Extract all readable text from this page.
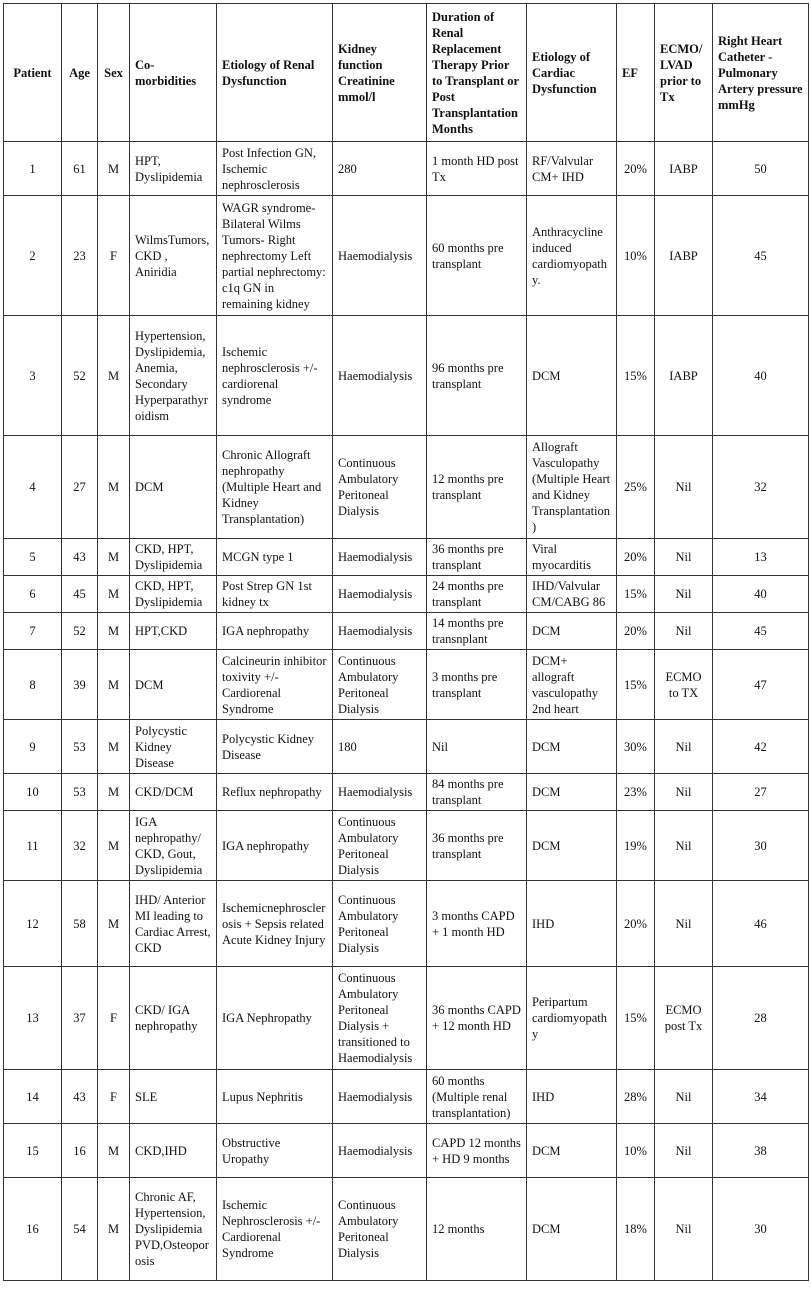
Patient	Age	Sex	Co-morbidities	Etiology of Renal Dysfunction	Kidney function Creatinine mmol/l	Duration of Renal Replacement Therapy Prior to Transplant or Post Transplantation Months	Etiology of Cardiac Dysfunction	EF	ECMO/ LVAD prior to Tx	Right Heart Catheter -Pulmonary Artery pressure mmHg
1	61	M	HPT, Dyslipidemia	Post Infection GN, Ischemic nephrosclerosis	280	1 month HD post Tx	RF/Valvular CM+ IHD	20%	IABP	50
2	23	F	WilmsTumors, CKD , Aniridia	WAGR syndrome- Bilateral Wilms Tumors- Right nephrectomy Left partial nephrectomy: c1q GN in remaining kidney	Haemodialysis	60 months pre transplant	Anthracycline induced cardiomyopathy.	10%	IABP	45
3	52	M	Hypertension, Dyslipidemia, Anemia, Secondary Hyperparathyroidism	Ischemic nephrosclerosis +/-cardiorenal syndrome	Haemodialysis	96 months pre transplant	DCM	15%	IABP	40
4	27	M	DCM	Chronic Allograft nephropathy (Multiple Heart and Kidney Transplantation)	Continuous Ambulatory Peritoneal Dialysis	12 months pre transplant	Allograft Vasculopathy (Multiple Heart and Kidney Transplantation)	25%	Nil	32
5	43	M	CKD, HPT, Dyslipidemia	MCGN type 1	Haemodialysis	36 months pre transplant	Viral myocarditis	20%	Nil	13
6	45	M	CKD, HPT, Dyslipidemia	Post Strep GN 1st kidney tx	Haemodialysis	24 months pre transplant	IHD/Valvular CM/CABG 86	15%	Nil	40
7	52	M	HPT,CKD	IGA nephropathy	Haemodialysis	14 months pre transnplant	DCM	20%	Nil	45
8	39	M	DCM	Calcineurin inhibitor toxivity +/- Cardiorenal Syndrome	Continuous Ambulatory Peritoneal Dialysis	3 months pre transplant	DCM+ allograft vasculopathy 2nd heart	15%	ECMO to TX	47
9	53	M	Polycystic Kidney Disease	Polycystic Kidney Disease	180	Nil	DCM	30%	Nil	42
10	53	M	CKD/DCM	Reflux nephropathy	Haemodialysis	84 months pre transplant	DCM	23%	Nil	27
11	32	M	IGA nephropathy/ CKD, Gout, Dyslipidemia	IGA nephropathy	Continuous Ambulatory Peritoneal Dialysis	36 months pre transplant	DCM	19%	Nil	30
12	58	M	IHD/ Anterior MI leading to Cardiac Arrest, CKD	Ischemicnephrosclerosis + Sepsis related Acute Kidney Injury	Continuous Ambulatory Peritoneal Dialysis	3 months CAPD + 1 month HD	IHD	20%	Nil	46
13	37	F	CKD/ IGA nephropathy	IGA Nephropathy	Continuous Ambulatory Peritoneal Dialysis + transitioned to Haemodialysis	36 months CAPD + 12 month HD	Peripartum cardiomyopathy	15%	ECMO post Tx	28
14	43	F	SLE	Lupus Nephritis	Haemodialysis	60 months (Multiple renal transplantation)	IHD	28%	Nil	34
15	16	M	CKD,IHD	Obstructive Uropathy	Haemodialysis	CAPD 12 months + HD 9 months	DCM	10%	Nil	38
16	54	M	Chronic AF, Hypertension, Dyslipidemia PVD,Osteoporosis	Ischemic Nephrosclerosis +/- Cardiorenal Syndrome	Continuous Ambulatory Peritoneal Dialysis	12 months	DCM	18%	Nil	30
